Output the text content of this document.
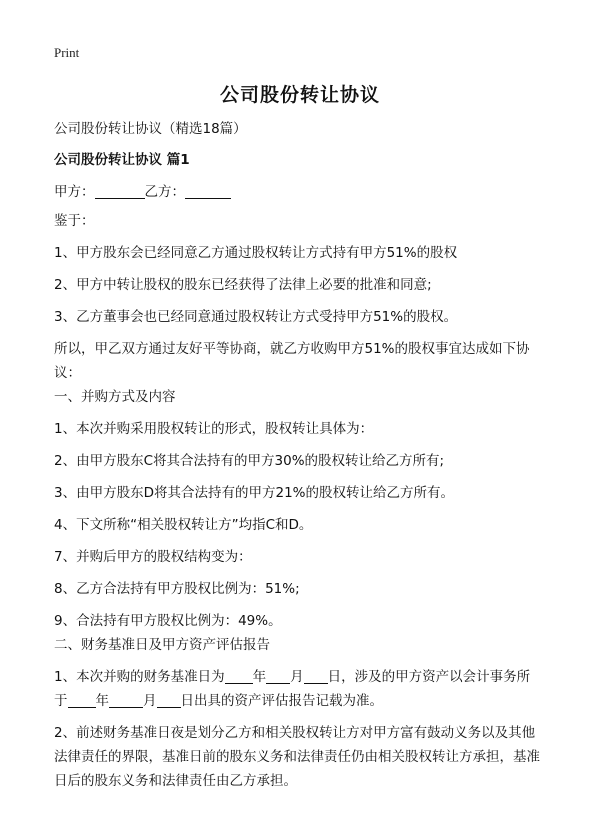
Print
公司股份转让协议
公司股份转让协议（精选18篇）
公司股份转让协议 篇1
甲方：	乙方：
鉴于：
1、甲方股东会已经同意乙方通过股权转让方式持有甲方51%的股权
2、甲方中转让股权的股东已经获得了法律上必要的批准和同意;
3、乙方董事会也已经同意通过股权转让方式受持甲方51%的股权。
所以，甲乙双方通过友好平等协商，就乙方收购甲方51%的股权事宜达成如下协议：
一、并购方式及内容
1、本次并购采用股权转让的形式，股权转让具体为：
2、由甲方股东C将其合法持有的甲方30%的股权转让给乙方所有;
3、由甲方股东D将其合法持有的甲方21%的股权转让给乙方所有。
4、下文所称“相关股权转让方”均指C和D。
7、并购后甲方的股权结构变为：
8、乙方合法持有甲方股权比例为：51%;
9、合法持有甲方股权比例为：49%。
二、财务基准日及甲方资产评估报告
1、本次并购的财务基准日为 年 月 日，涉及的甲方资产以会计事务所
于 年	月 日出具的资产评估报告记载为准。
2、前述财务基准日夜是划分乙方和相关股权转让方对甲方富有鼓动义务以及其他
法律责任的界限，基准日前的股东义务和法律责任仍由相关股权转让方承担，基准
日后的股东义务和法律责任由乙方承担。
